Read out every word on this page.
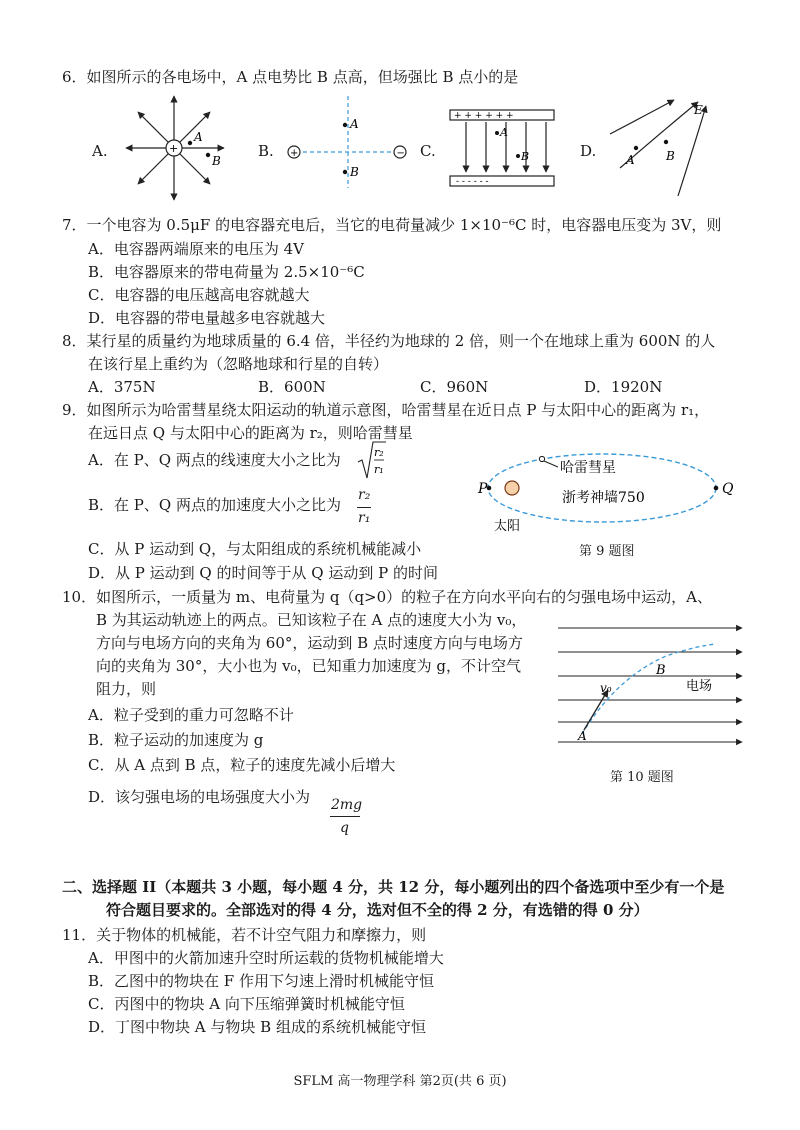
6．如图所示的各电场中，A 点电势比 B 点高，但场强比 B 点小的是
A.	+
A
B
B. +	−
A
B
C.
+ + + + + +
- - - - - -
A
B	D. A	B
E
7．一个电容为 0.5μF 的电容器充电后，当它的电荷量减少 1×10⁻⁶C 时，电容器电压变为 3V，则
A．电容器两端原来的电压为 4V
B．电容器原来的带电荷量为 2.5×10⁻⁶C
C．电容器的电压越高电容就越大
D．电容器的带电量越多电容就越大
8．某行星的质量约为地球质量的 6.4 倍，半径约为地球的 2 倍，则一个在地球上重为 600N 的人
在该行星上重约为（忽略地球和行星的自转）
A．375N	B．600N	C．960N	D．1920N
9．如图所示为哈雷彗星绕太阳运动的轨道示意图，哈雷彗星在近日点 P 与太阳中心的距离为 r₁，
在远日点 Q 与太阳中心的距离为 r₂，则哈雷彗星
A．在 P、Q 两点的线速度大小之比为	r₂
r₁
B．在 P、Q 两点的加速度大小之比为
r₂
r₁
C．从 P 运动到 Q，与太阳组成的系统机械能减小
D．从 P 运动到 Q 的时间等于从 Q 运动到 P 的时间
哈雷彗星
浙考神墙750
P	Q
太阳
第 9 题图
10．如图所示，一质量为 m、电荷量为 q（q>0）的粒子在方向水平向右的匀强电场中运动，A、
B 为其运动轨迹上的两点。已知该粒子在 A 点的速度大小为 v₀，
方向与电场方向的夹角为 60°，运动到 B 点时速度方向与电场方
向的夹角为 30°，大小也为 v₀，已知重力加速度为 g，不计空气
阻力，则
A．粒子受到的重力可忽略不计
B．粒子运动的加速度为 g
C．从 A 点到 B 点，粒子的速度先减小后增大
D．该匀强电场的电场强度大小为 2mg
q
v₀
A
B
电场
第 10 题图
二、选择题 II（本题共 3 小题，每小题 4 分，共 12 分，每小题列出的四个备选项中至少有一个是
符合题目要求的。全部选对的得 4 分，选对但不全的得 2 分，有选错的得 0 分）
11．关于物体的机械能，若不计空气阻力和摩擦力，则
A．甲图中的火箭加速升空时所运载的货物机械能增大
B．乙图中的物块在 F 作用下匀速上滑时机械能守恒
C．丙图中的物块 A 向下压缩弹簧时机械能守恒
D．丁图中物块 A 与物块 B 组成的系统机械能守恒
SFLM 高一物理学科 第2页(共 6 页)
